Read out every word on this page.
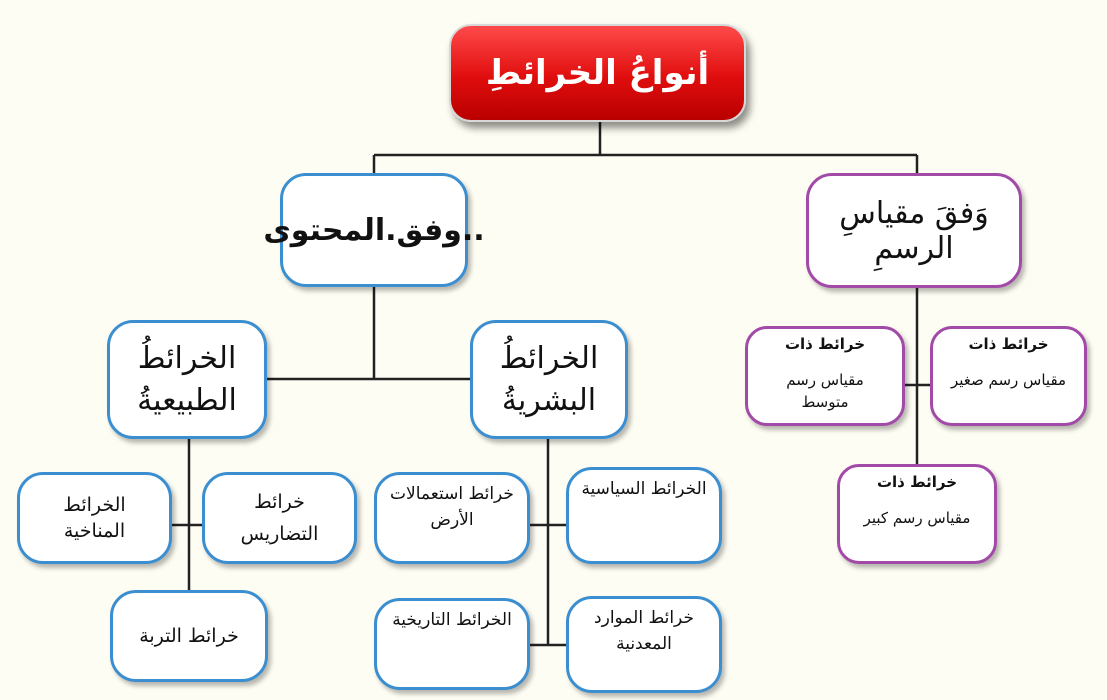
أنواعُ الخرائطِ
..وفق.المحتوى	وَفقَ مقياسِ الرسمِ
الخرائطُ
البشريةُ
الخرائطُ
الطبيعيةُ
الخرائط السياسية
خرائط استعمالات الأرض
خرائط الموارد المعدنية
الخرائط التاريخية
خرائط التضاريس
الخرائط المناخية
خرائط التربة
خرائط ذات
مقياس رسم صغير
خرائط ذات
مقياس رسم متوسط
خرائط ذات
مقياس رسم كبير
